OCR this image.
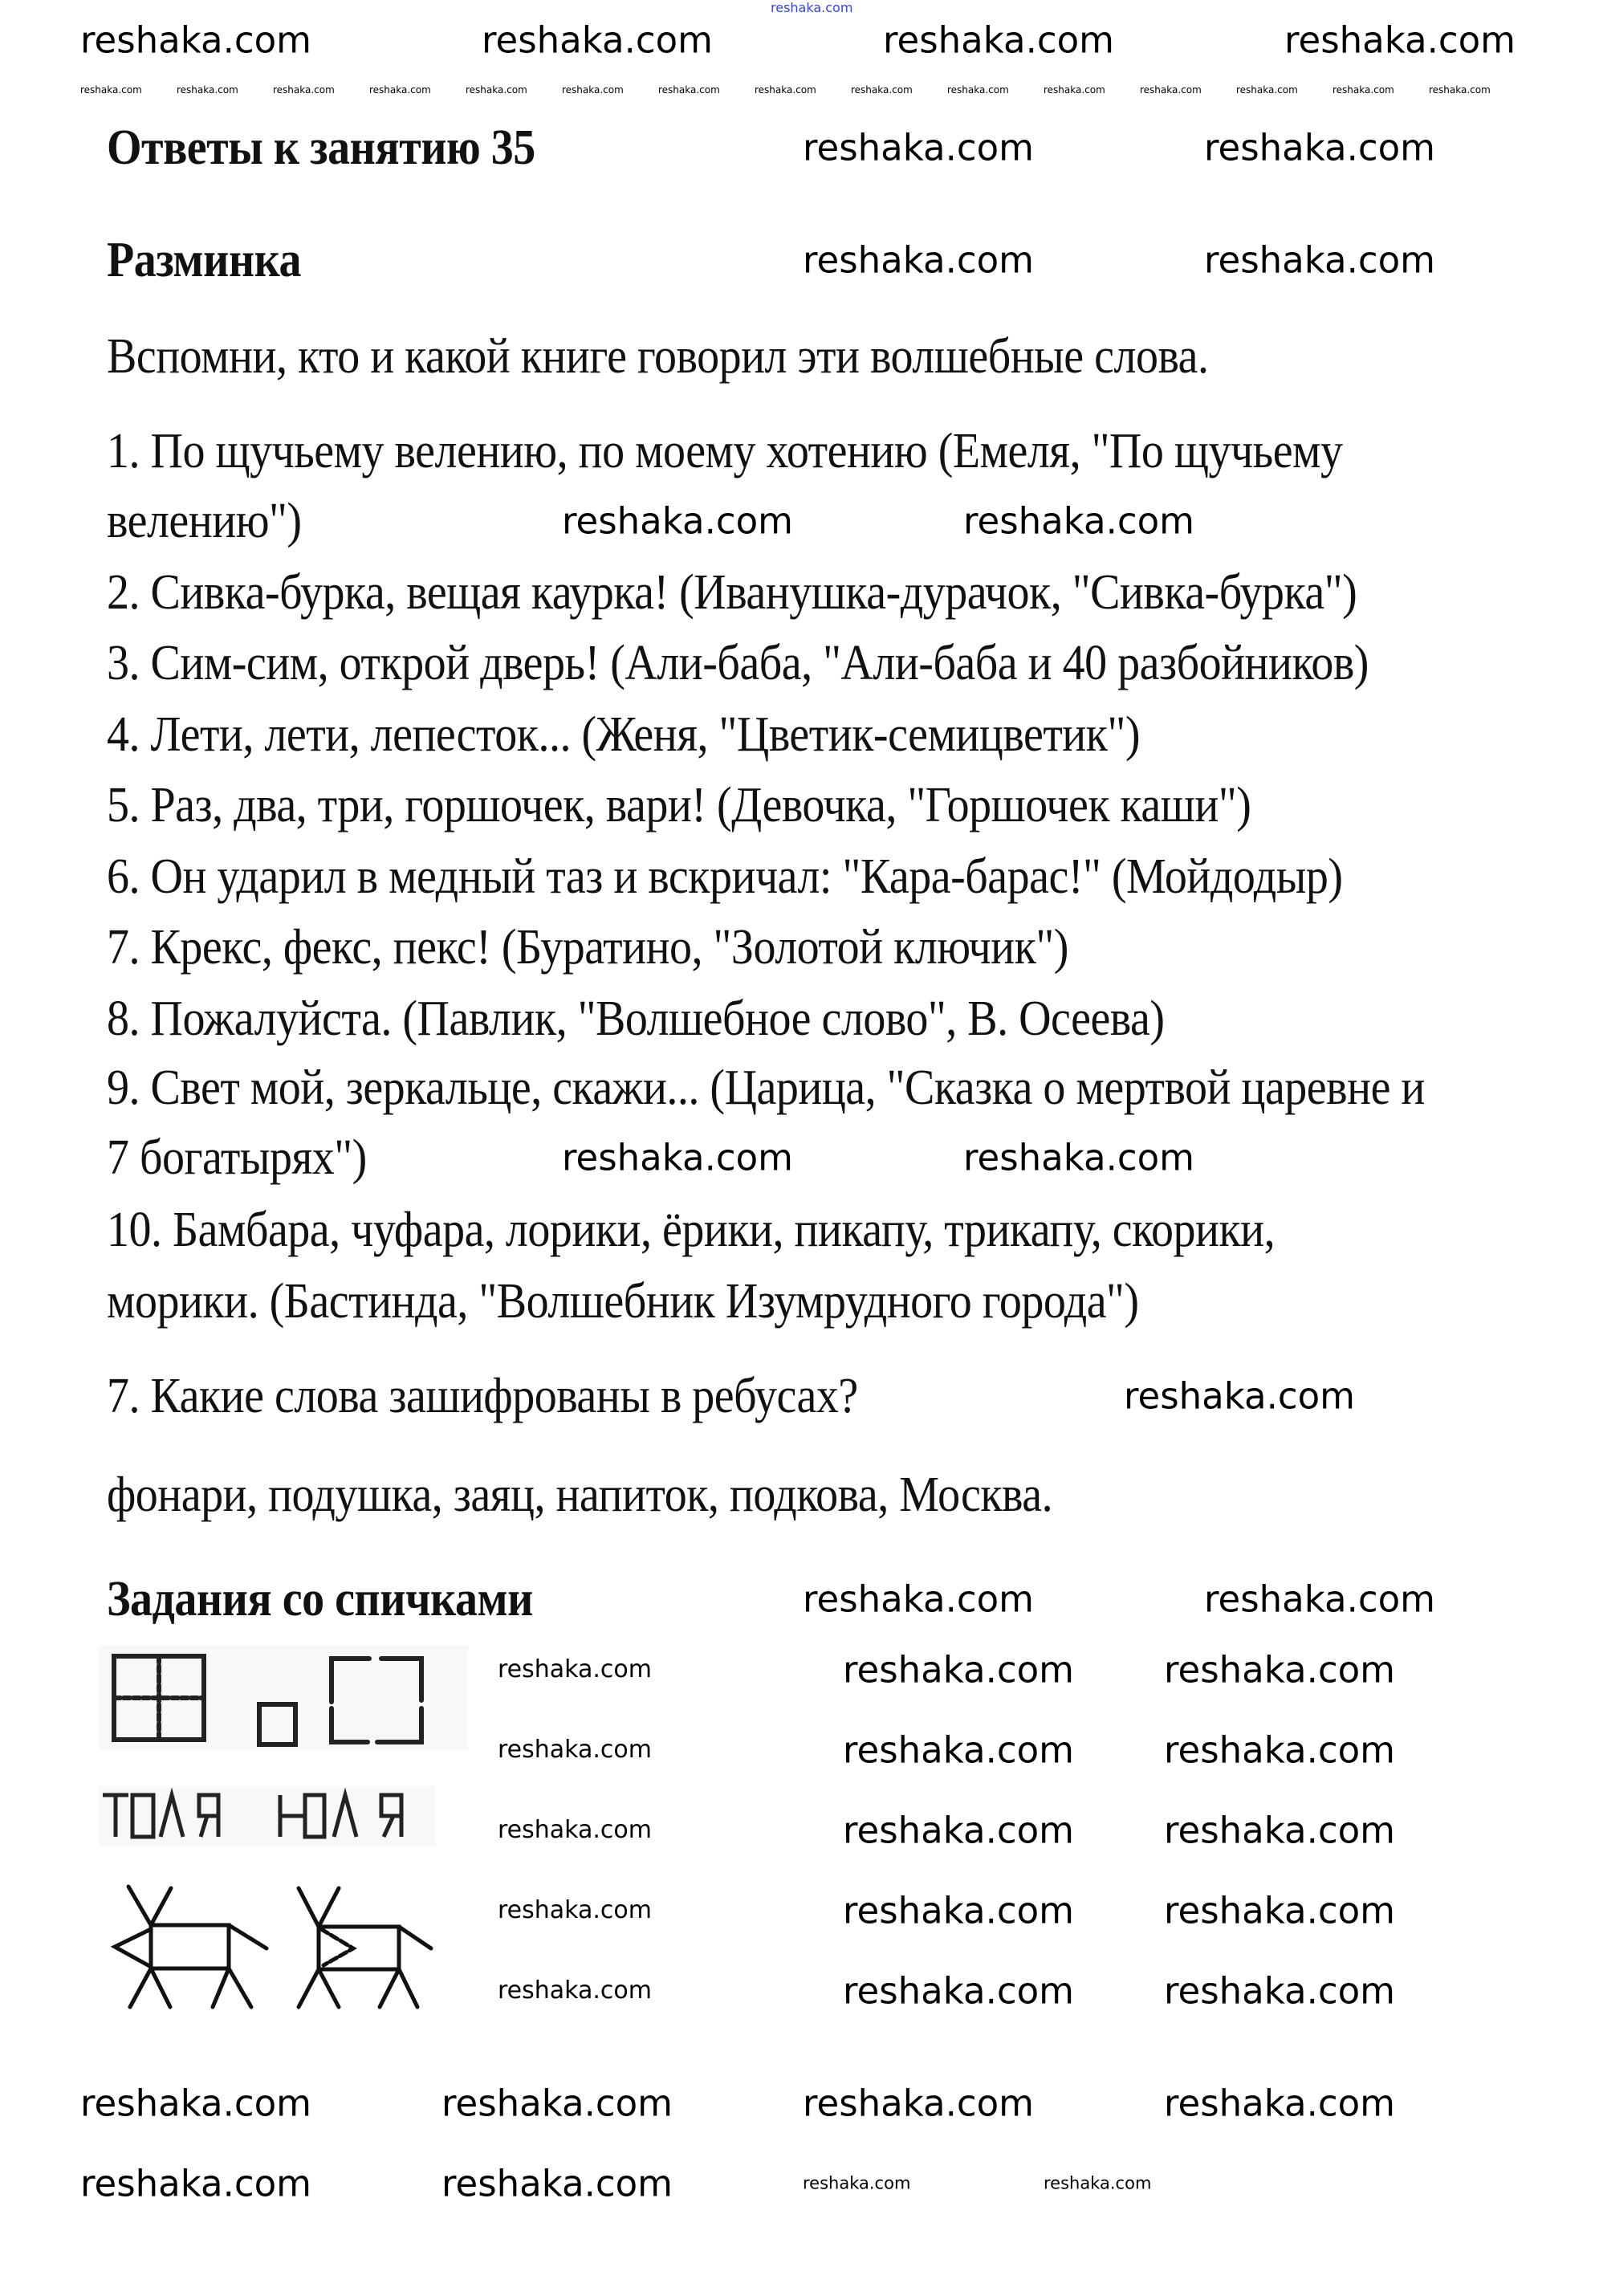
Ответы к занятию 35
Разминка
Вспомни, кто и какой книге говорил эти волшебные слова.
1. По щучьему велению, по моему хотению (Емеля, "По щучьему
велению")
2. Сивка-бурка, вещая каурка! (Иванушка-дурачок, "Сивка-бурка")
3. Сим-сим, открой дверь! (Али-баба, "Али-баба и 40 разбойников)
4. Лети, лети, лепесток... (Женя, "Цветик-семицветик")
5. Раз, два, три, горшочек, вари! (Девочка, "Горшочек каши")
6. Он ударил в медный таз и вскричал: "Кара-барас!" (Мойдодыр)
7. Крекс, фекс, пекс! (Буратино, "Золотой ключик")
8. Пожалуйста. (Павлик, "Волшебное слово", В. Осеева)
9. Свет мой, зеркальце, скажи... (Царица, "Сказка о мертвой царевне и
7 богатырях")
10. Бамбара, чуфара, лорики, ёрики, пикапу, трикапу, скорики,
морики. (Бастинда, "Волшебник Изумрудного города")
7. Какие слова зашифрованы в ребусах?
фонари, подушка, заяц, напиток, подкова, Москва.
Задания со спичками
reshaka.com
reshaka.com	reshaka.com	reshaka.com	reshaka.com
reshaka.com	reshaka.com	reshaka.com	reshaka.com	reshaka.com	reshaka.com	reshaka.com	reshaka.com	reshaka.com	reshaka.com	reshaka.com	reshaka.com	reshaka.com	reshaka.com	reshaka.com
reshaka.com	reshaka.com
reshaka.com	reshaka.com
reshaka.com	reshaka.com
reshaka.com	reshaka.com
reshaka.com
reshaka.com	reshaka.com
reshaka.com reshaka.com
reshaka.com
reshaka.com reshaka.com
reshaka.com
reshaka.com reshaka.com
reshaka.com
reshaka.com reshaka.com
reshaka.com
reshaka.com reshaka.com
reshaka.com
reshaka.com	reshaka.com	reshaka.com	reshaka.com
reshaka.com	reshaka.com	reshaka.com	reshaka.com
